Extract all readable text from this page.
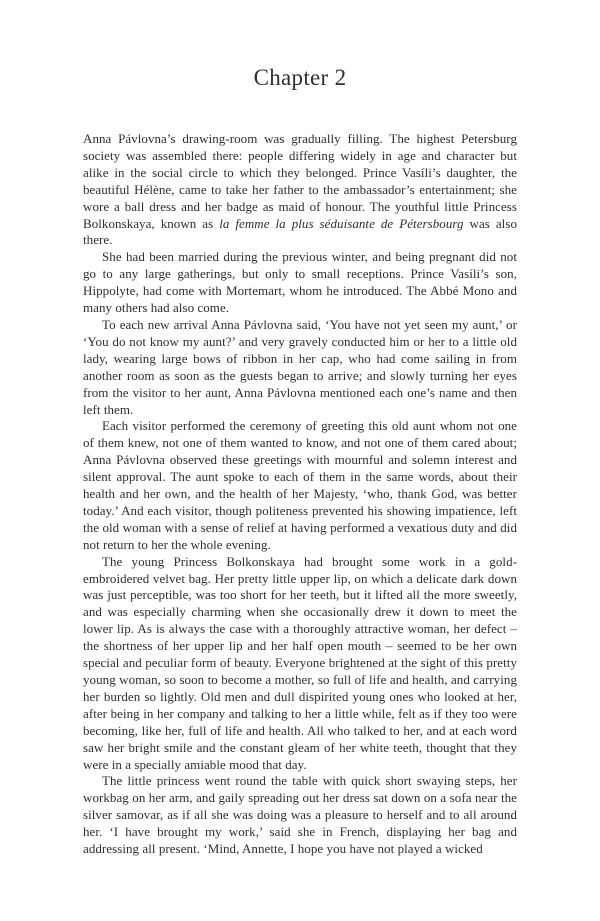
Chapter 2

Anna Pávlovna’s drawing-room was gradually filling. The highest Petersburg society was assembled there: people differing widely in age and character but alike in the social circle to which they belonged. Prince Vasíli’s daughter, the beautiful Hélène, came to take her father to the ambassador’s entertainment; she wore a ball dress and her badge as maid of honour. The youthful little Princess Bolkonskaya, known as la femme la plus séduisante de Pétersbourg was also there.

She had been married during the previous winter, and being pregnant did not go to any large gatherings, but only to small receptions. Prince Vasíli’s son, Hippolyte, had come with Mortemart, whom he introduced. The Abbé Mono and many others had also come.

To each new arrival Anna Pávlovna said, ‘You have not yet seen my aunt,’ or ‘You do not know my aunt?’ and very gravely conducted him or her to a little old lady, wearing large bows of ribbon in her cap, who had come sailing in from another room as soon as the guests began to arrive; and slowly turning her eyes from the visitor to her aunt, Anna Pávlovna mentioned each one’s name and then left them.

Each visitor performed the ceremony of greeting this old aunt whom not one of them knew, not one of them wanted to know, and not one of them cared about; Anna Pávlovna observed these greetings with mournful and solemn interest and silent approval. The aunt spoke to each of them in the same words, about their health and her own, and the health of her Majesty, ‘who, thank God, was better today.’ And each visitor, though politeness prevented his showing impatience, left the old woman with a sense of relief at having performed a vexatious duty and did not return to her the whole evening.

The young Princess Bolkonskaya had brought some work in a gold-embroidered velvet bag. Her pretty little upper lip, on which a delicate dark down was just perceptible, was too short for her teeth, but it lifted all the more sweetly, and was especially charming when she occasionally drew it down to meet the lower lip. As is always the case with a thoroughly attractive woman, her defect – the shortness of her upper lip and her half open mouth – seemed to be her own special and peculiar form of beauty. Everyone brightened at the sight of this pretty young woman, so soon to become a mother, so full of life and health, and carrying her burden so lightly. Old men and dull dispirited young ones who looked at her, after being in her company and talking to her a little while, felt as if they too were becoming, like her, full of life and health. All who talked to her, and at each word saw her bright smile and the constant gleam of her white teeth, thought that they were in a specially amiable mood that day.

The little princess went round the table with quick short swaying steps, her workbag on her arm, and gaily spreading out her dress sat down on a sofa near the silver samovar, as if all she was doing was a pleasure to herself and to all around her. ‘I have brought my work,’ said she in French, displaying her bag and addressing all present. ‘Mind, Annette, I hope you have not played a wicked
